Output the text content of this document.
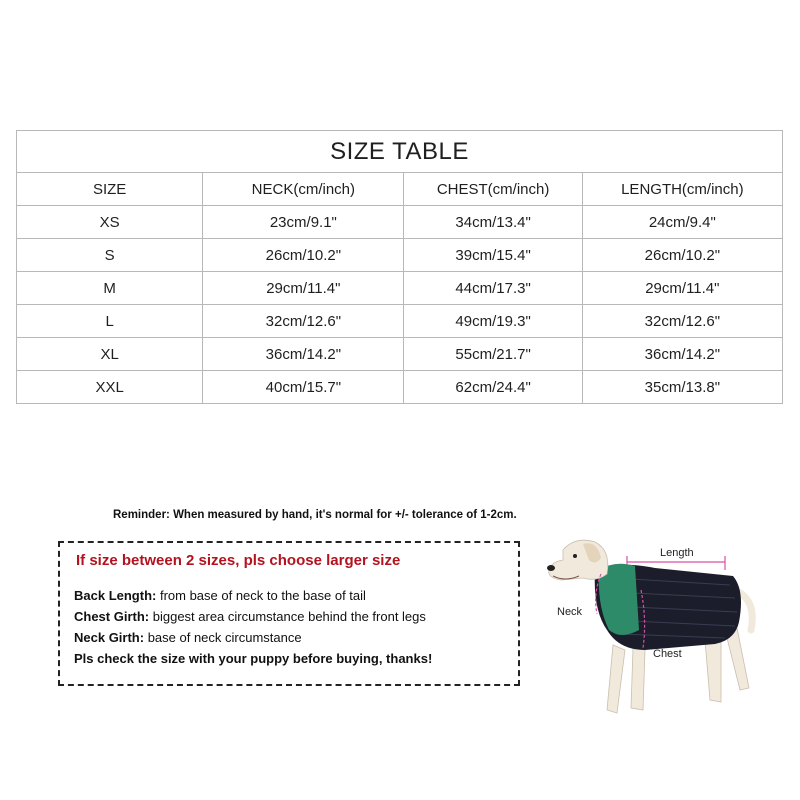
SIZE TABLE			
SIZE	NECK(cm/inch)	CHEST(cm/inch)	LENGTH(cm/inch)
XS	23cm/9.1"	34cm/13.4"	24cm/9.4"
S	26cm/10.2"	39cm/15.4"	26cm/10.2"
M	29cm/11.4"	44cm/17.3"	29cm/11.4"
L	32cm/12.6"	49cm/19.3"	32cm/12.6"
XL	36cm/14.2"	55cm/21.7"	36cm/14.2"
XXL	40cm/15.7"	62cm/24.4"	35cm/13.8"
Reminder: When measured by hand, it's normal for +/- tolerance of 1-2cm.
If size between 2 sizes, pls choose larger size
Back Length: from base of neck to the base of tail
Chest Girth: biggest area circumstance behind the front legs
Neck Girth: base of neck circumstance
Pls check the size with your puppy before buying, thanks!
Length
Neck
Chest
